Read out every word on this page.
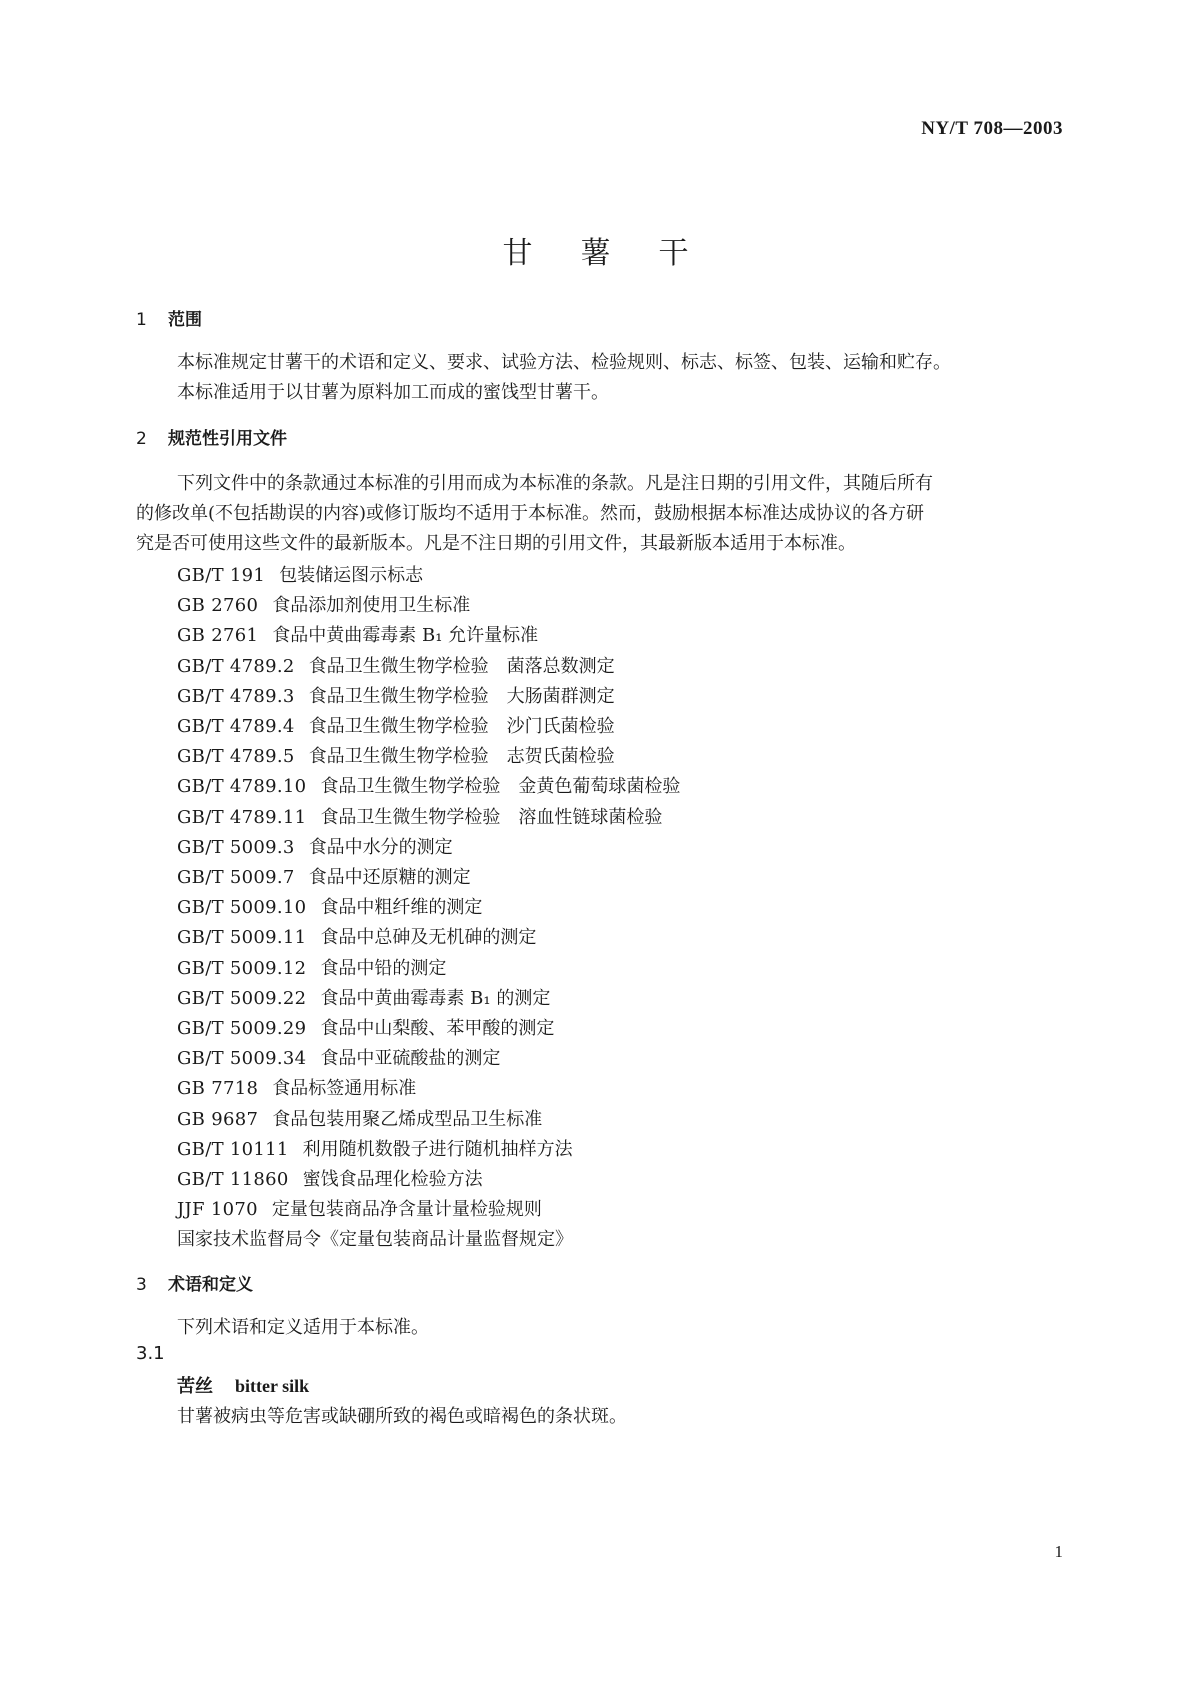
NY/T 708—2003
甘 薯 干
1 范围
本标准规定甘薯干的术语和定义、要求、试验方法、检验规则、标志、标签、包装、运输和贮存。
本标准适用于以甘薯为原料加工而成的蜜饯型甘薯干。
2 规范性引用文件
下列文件中的条款通过本标准的引用而成为本标准的条款。凡是注日期的引用文件，其随后所有
的修改单(不包括勘误的内容)或修订版均不适用于本标准。然而，鼓励根据本标准达成协议的各方研
究是否可使用这些文件的最新版本。凡是不注日期的引用文件，其最新版本适用于本标准。
GB/T 191 包装储运图示标志
GB 2760 食品添加剂使用卫生标准
GB 2761 食品中黄曲霉毒素 B₁ 允许量标准
GB/T 4789.2 食品卫生微生物学检验　菌落总数测定
GB/T 4789.3 食品卫生微生物学检验　大肠菌群测定
GB/T 4789.4 食品卫生微生物学检验　沙门氏菌检验
GB/T 4789.5 食品卫生微生物学检验　志贺氏菌检验
GB/T 4789.10 食品卫生微生物学检验　金黄色葡萄球菌检验
GB/T 4789.11 食品卫生微生物学检验　溶血性链球菌检验
GB/T 5009.3 食品中水分的测定
GB/T 5009.7 食品中还原糖的测定
GB/T 5009.10 食品中粗纤维的测定
GB/T 5009.11 食品中总砷及无机砷的测定
GB/T 5009.12 食品中铅的测定
GB/T 5009.22 食品中黄曲霉毒素 B₁ 的测定
GB/T 5009.29 食品中山梨酸、苯甲酸的测定
GB/T 5009.34 食品中亚硫酸盐的测定
GB 7718 食品标签通用标准
GB 9687 食品包装用聚乙烯成型品卫生标准
GB/T 10111 利用随机数骰子进行随机抽样方法
GB/T 11860 蜜饯食品理化检验方法
JJF 1070 定量包装商品净含量计量检验规则
国家技术监督局令《定量包装商品计量监督规定》
3 术语和定义
下列术语和定义适用于本标准。
3.1
苦丝 bitter silk
甘薯被病虫等危害或缺硼所致的褐色或暗褐色的条状斑。
1
